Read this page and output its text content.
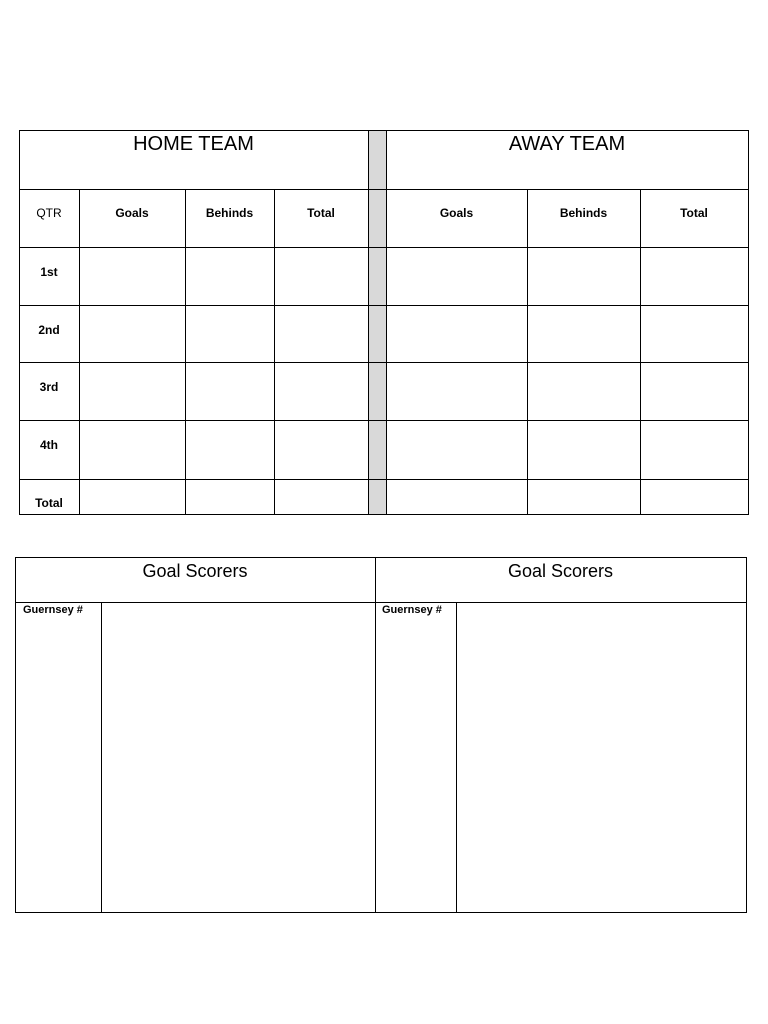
HOME TEAM	AWAY TEAM
QTR	Goals	Behinds	Total	Goals	Behinds	Total
1st
2nd
3rd
4th
Total
Goal Scorers	Goal Scorers
Guernsey #	Guernsey #
